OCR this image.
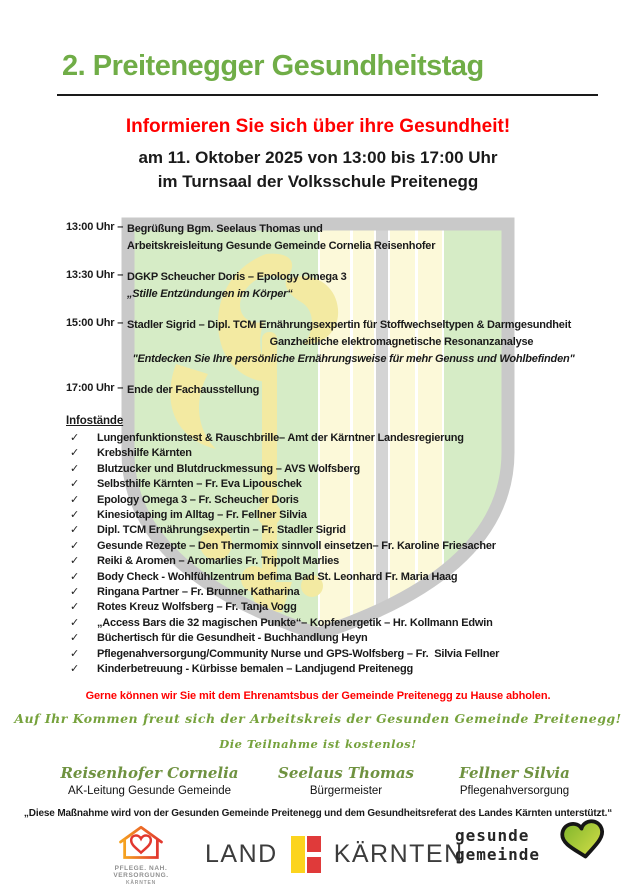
2. Preitenegger Gesundheitstag
Informieren Sie sich über ihre Gesundheit!
am 11. Oktober 2025 von 13:00 bis 17:00 Uhr
im Turnsaal der Volksschule Preitenegg
13:00 Uhr – Begrüßung Bgm. Seelaus Thomas und
Arbeitskreisleitung Gesunde Gemeinde Cornelia Reisenhofer
13:30 Uhr – DGKP Scheucher Doris – Epology Omega 3
„Stille Entzündungen im Körper“
15:00 Uhr – Stadler Sigrid – Dipl. TCM Ernährungsexpertin für Stoffwechseltypen & Darmgesundheit
Ganzheitliche elektromagnetische Resonanzanalyse
"Entdecken Sie Ihre persönliche Ernährungsweise für mehr Genuss und Wohlbefinden"
17:00 Uhr – Ende der Fachausstellung
Infostände
✓	Lungenfunktionstest & Rauschbrille– Amt der Kärntner Landesregierung
✓	Krebshilfe Kärnten
✓	Blutzucker und Blutdruckmessung – AVS Wolfsberg
✓	Selbsthilfe Kärnten – Fr. Eva Lipouschek
✓	Epology Omega 3 – Fr. Scheucher Doris
✓	Kinesiotaping im Alltag – Fr. Fellner Silvia
✓	Dipl. TCM Ernährungsexpertin – Fr. Stadler Sigrid
✓	Gesunde Rezepte – Den Thermomix sinnvoll einsetzen– Fr. Karoline Friesacher
✓	Reiki & Aromen – Aromarlies Fr. Trippolt Marlies
✓	Body Check - Wohlfühlzentrum befima Bad St. Leonhard Fr. Maria Haag
✓	Ringana Partner – Fr. Brunner Katharina
✓	Rotes Kreuz Wolfsberg – Fr. Tanja Vogg
✓	„Access Bars die 32 magischen Punkte“– Kopfenergetik – Hr. Kollmann Edwin
✓	Büchertisch für die Gesundheit - Buchhandlung Heyn
✓	Pflegenahversorgung/Community Nurse und GPS-Wolfsberg – Fr.  Silvia Fellner
✓	Kinderbetreuung - Kürbisse bemalen – Landjugend Preitenegg
Gerne können wir Sie mit dem Ehrenamtsbus der Gemeinde Preitenegg zu Hause abholen.
Auf Ihr Kommen freut sich der Arbeitskreis der Gesunden Gemeinde Preitenegg!
Die Teilnahme ist kostenlos!
Reisenhofer Cornelia
AK-Leitung Gesunde Gemeinde
Seelaus Thomas
Bürgermeister
Fellner Silvia
Pflegenahversorgung
„Diese Maßnahme wird von der Gesunden Gemeinde Preitenegg und dem Gesundheitsreferat des Landes Kärnten unterstützt.“
PFLEGE. NAH.
VERSORGUNG.
KÄRNTEN
LAND KÄRNTEN
gesunde
gemeinde
